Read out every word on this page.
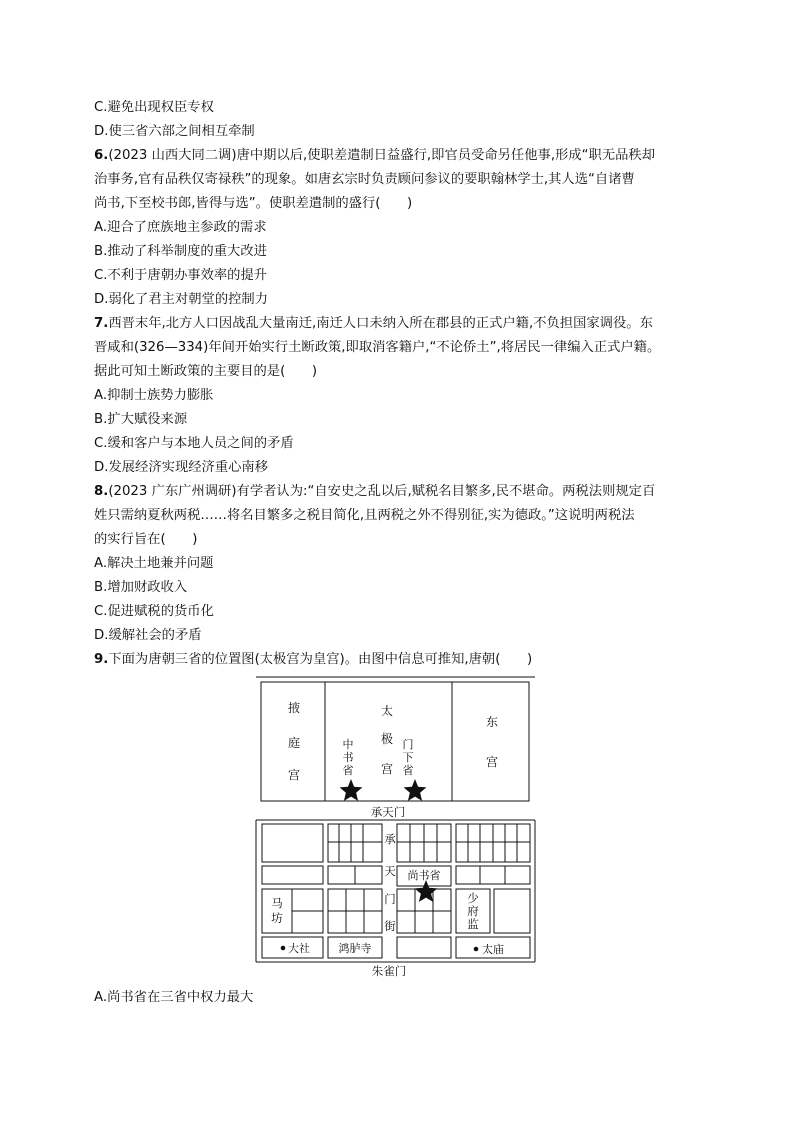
C.避免出现权臣专权
D.使三省六部之间相互牵制
6.(2023 山西大同二调)唐中期以后,使职差遣制日益盛行,即官员受命另任他事,形成“职无品秩却
治事务,官有品秩仅寄禄秩”的现象。如唐玄宗时负责顾问参议的要职翰林学士,其人选“自诸曹
尚书,下至校书郎,皆得与选”。使职差遣制的盛行(　　)
A.迎合了庶族地主参政的需求
B.推动了科举制度的重大改进
C.不利于唐朝办事效率的提升
D.弱化了君主对朝堂的控制力
7.西晋末年,北方人口因战乱大量南迁,南迁人口未纳入所在郡县的正式户籍,不负担国家调役。东
晋咸和(326—334)年间开始实行土断政策,即取消客籍户,“不论侨土”,将居民一律编入正式户籍。
据此可知土断政策的主要目的是(　　)
A.抑制士族势力膨胀
B.扩大赋役来源
C.缓和客户与本地人员之间的矛盾
D.发展经济实现经济重心南移
8.(2023 广东广州调研)有学者认为:“自安史之乱以后,赋税名目繁多,民不堪命。两税法则规定百
姓只需纳夏秋两税……将名目繁多之税目简化,且两税之外不得别征,实为德政。”这说明两税法
的实行旨在(　　)
A.解决土地兼并问题
B.增加财政收入
C.促进赋税的货币化
D.缓解社会的矛盾
9.下面为唐朝三省的位置图(太极宫为皇宫)。由图中信息可推知,唐朝(　　)
掖
庭
宫
太
极
宫
中
书
省
门
下
省
东
宫
承天门
承
天
门
街
尚书省
马
坊
少
府
监
大社	鸿胪寺	太庙
朱雀门
A.尚书省在三省中权力最大
